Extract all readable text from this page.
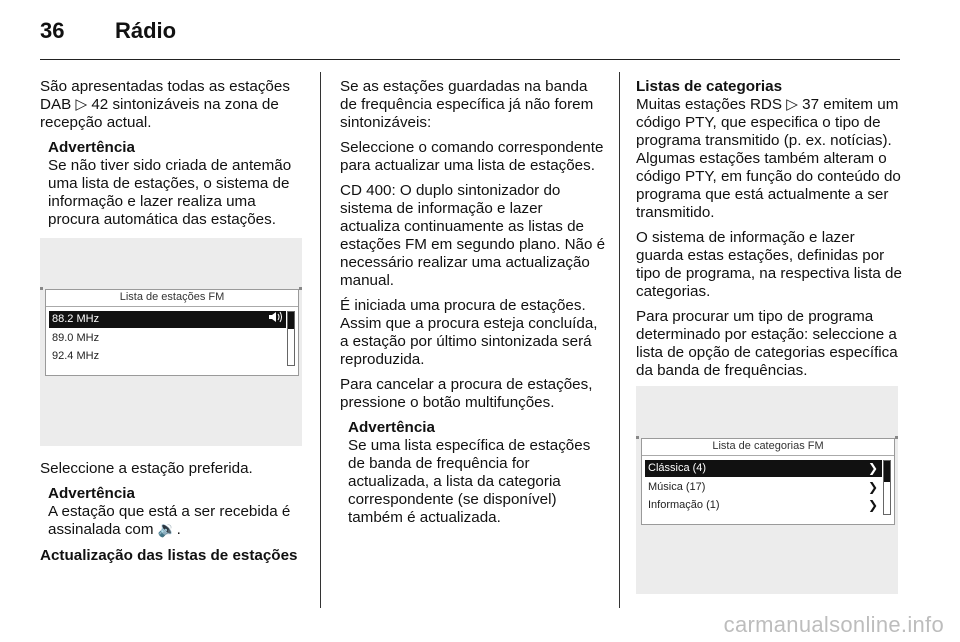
36 Rádio

São apresentadas todas as estações DAB ▷ 42 sintonizáveis na zona de recepção actual.

Advertência
Se não tiver sido criada de antemão uma lista de estações, o sistema de informação e lazer realiza uma procura automática das estações.
Lista de estações FM
88.2 MHz
89.0 MHz
92.4 MHz

Seleccione a estação preferida.

Advertência
A estação que está a ser recebida é assinalada com 🔉.

Actualização das listas de estações

Se as estações guardadas na banda de frequência específica já não forem sintonizáveis:

Seleccione o comando correspondente para actualizar uma lista de estações.

CD 400: O duplo sintonizador do sistema de informação e lazer actualiza continuamente as listas de estações FM em segundo plano. Não é necessário realizar uma actualização manual.

É iniciada uma procura de estações. Assim que a procura esteja concluída, a estação por último sintonizada será reproduzida.

Para cancelar a procura de estações, pressione o botão multifunções.

Advertência
Se uma lista específica de estações de banda de frequência for actualizada, a lista da categoria correspondente (se disponível) também é actualizada.

Listas de categorias

Muitas estações RDS ▷ 37 emitem um código PTY, que especifica o tipo de programa transmitido (p. ex. notícias). Algumas estações também alteram o código PTY, em função do conteúdo do programa que está actualmente a ser transmitido.

O sistema de informação e lazer guarda estas estações, definidas por tipo de programa, na respectiva lista de categorias.

Para procurar um tipo de programa determinado por estação: seleccione a lista de opção de categorias específica da banda de frequências.

Lista de categorias FM
Clássica (4)	❯
Música (17)	❯
Informação (1)	❯
carmanualsonline.info
